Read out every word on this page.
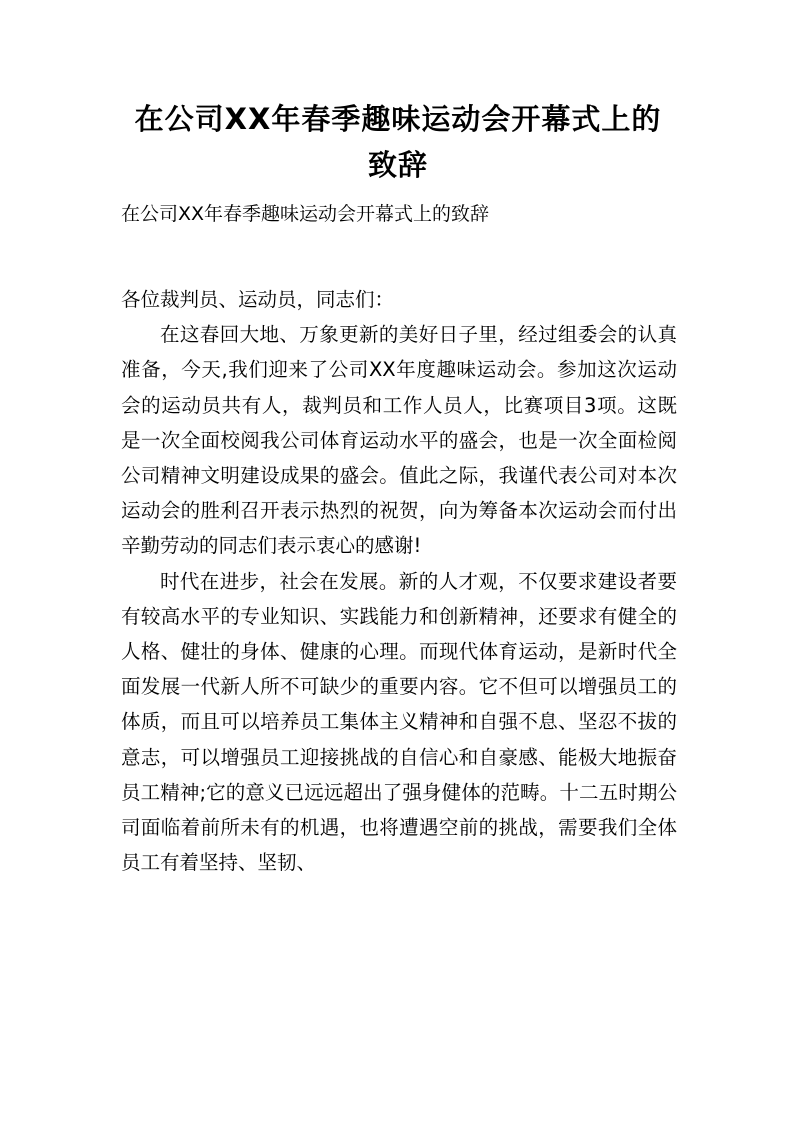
在公司XX年春季趣味运动会开幕式上的致辞

在公司XX年春季趣味运动会开幕式上的致辞

各位裁判员、运动员，同志们：

在这春回大地、万象更新的美好日子里，经过组委会的认真准备，今天,我们迎来了公司XX年度趣味运动会。参加这次运动会的运动员共有人，裁判员和工作人员人，比赛项目3项。这既是一次全面校阅我公司体育运动水平的盛会，也是一次全面检阅公司精神文明建设成果的盛会。值此之际，我谨代表公司对本次运动会的胜利召开表示热烈的祝贺，向为筹备本次运动会而付出辛勤劳动的同志们表示衷心的感谢!

时代在进步，社会在发展。新的人才观，不仅要求建设者要有较高水平的专业知识、实践能力和创新精神，还要求有健全的人格、健壮的身体、健康的心理。而现代体育运动，是新时代全面发展一代新人所不可缺少的重要内容。它不但可以增强员工的体质，而且可以培养员工集体主义精神和自强不息、坚忍不拔的意志，可以增强员工迎接挑战的自信心和自豪感、能极大地振奋员工精神;它的意义已远远超出了强身健体的范畴。十二五时期公司面临着前所未有的机遇，也将遭遇空前的挑战，需要我们全体员工有着坚持、坚韧、
